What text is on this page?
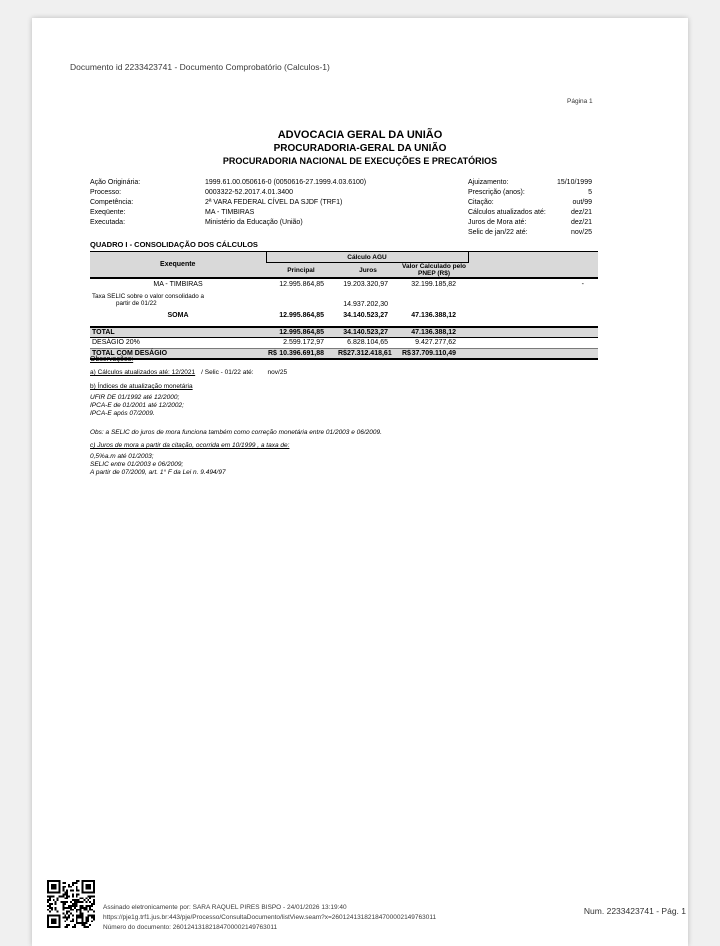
Documento id 2233423741 - Documento Comprobatório (Calculos-1)
Página 1
ADVOCACIA GERAL DA UNIÃO
PROCURADORIA-GERAL DA UNIÃO
PROCURADORIA NACIONAL DE EXECUÇÕES E PRECATÓRIOS
Ação Originária:	1999.61.00.050616-0 (0050616-27.1999.4.03.6100)	Ajuizamento:	15/10/1999
Processo:	0003322-52.2017.4.01.3400	Prescrição (anos):	5
Competência:	2ª VARA FEDERAL CÍVEL DA SJDF (TRF1)	Citação:	out/99
Exeqüente:	MA - TIMBIRAS	Cálculos atualizados até:	dez/21
Executada:	Ministério da Educação (União)	Juros de Mora até:	dez/21
Selic de jan/22 até:	nov/25
QUADRO I - CONSOLIDAÇÃO DOS CÁLCULOS
Exequente	Cálculo AGU			
	Principal	Juros	Valor Calculado pelo PNEP (R$)	
MA - TIMBIRAS	12.995.864,85	19.203.320,97	32.199.185,82	-

Taxa SELIC sobre o valor consolidado a
partir de 01/22		14.937.202,30		
SOMA	12.995.864,85	34.140.523,27	47.136.388,12	
TOTAL	12.995.864,85	34.140.523,27	47.136.388,12	
DESÁGIO 20%	2.599.172,97	6.828.104,65	9.427.277,62	
TOTAL COM DESÁGIO	R$ 10.396.691,88	R$ 27.312.418,61	R$ 37.709.110,49	

Observações:
a) Cálculos atualizados até: 12/2021 / Selic - 01/22 até: nov/25
b) Índices de atualização monetária
UFIR DE 01/1992 até 12/2000;
IPCA-E de 01/2001 até 12/2002;
IPCA-E após 07/2009.
Obs: a SELIC do juros de mora funciona também como correção monetária entre 01/2003 e 06/2009.
c) Juros de mora a partir da citação, ocorrida em 10/1999 , a taxa de:
0,5%a.m até 01/2003;
SELIC entre 01/2003 e 06/2009;
A partir de 07/2009, art. 1° F da Lei n. 9.494/97
Assinado eletronicamente por: SARA RAQUEL PIRES BISPO - 24/01/2026 13:19:40
https://pje1g.trf1.jus.br:443/pje/Processo/ConsultaDocumento/listView.seam?x=26012413182184700002149763011
Número do documento: 26012413182184700002149763011
Num. 2233423741 - Pág. 1
